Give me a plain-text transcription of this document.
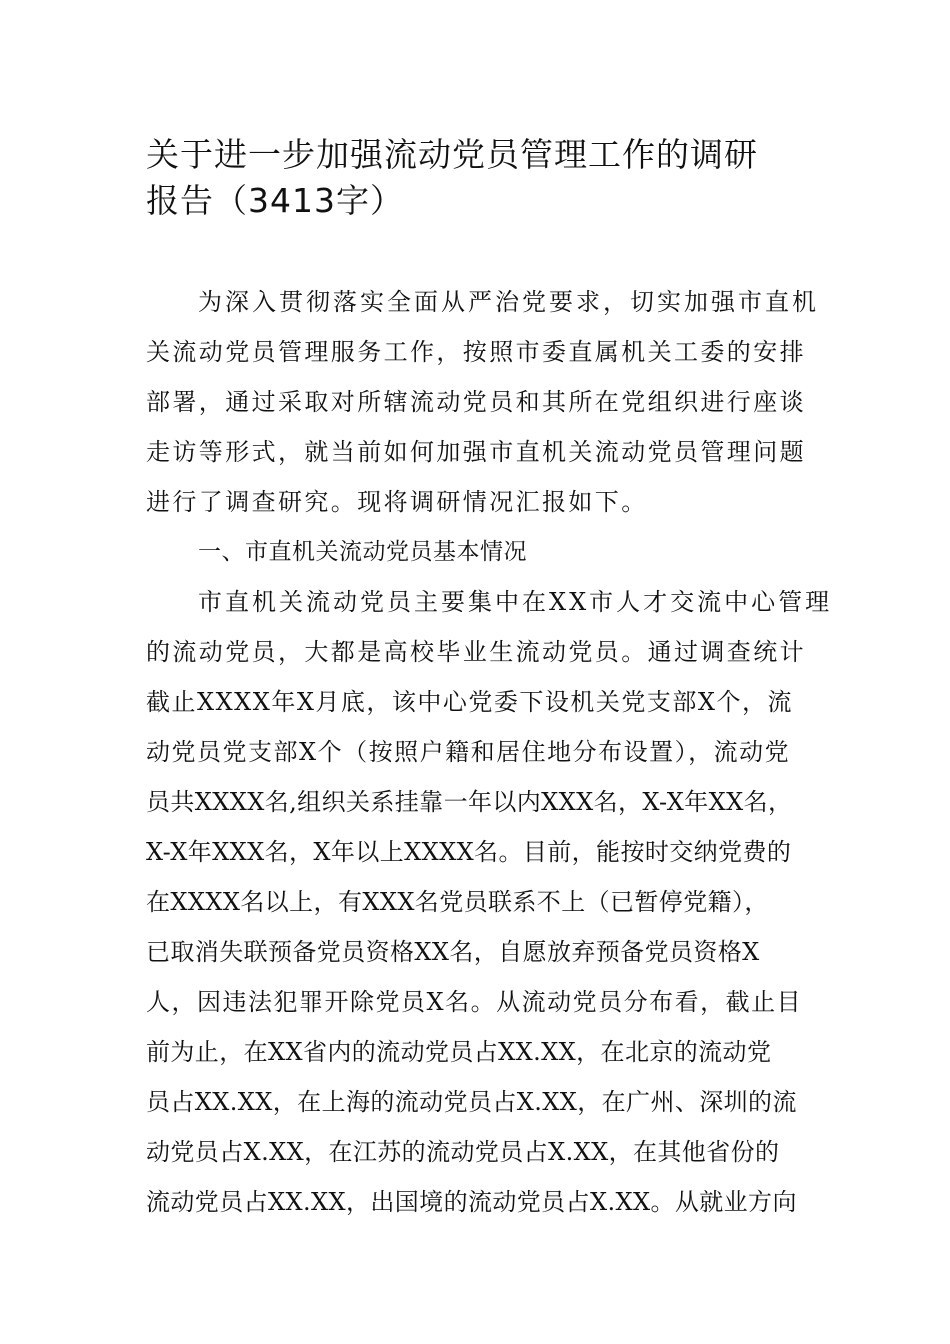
关于进一步加强流动党员管理工作的调研
报告（3413字）
为深入贯彻落实全面从严治党要求，切实加强市直机
关流动党员管理服务工作，按照市委直属机关工委的安排
部署，通过采取对所辖流动党员和其所在党组织进行座谈
走访等形式，就当前如何加强市直机关流动党员管理问题
进行了调查研究。现将调研情况汇报如下。
一、市直机关流动党员基本情况
市直机关流动党员主要集中在XX市人才交流中心管理
的流动党员，大都是高校毕业生流动党员。通过调查统计
截止XXXX年X月底，该中心党委下设机关党支部X个，流
动党员党支部X个（按照户籍和居住地分布设置），流动党
员共XXXX名,组织关系挂靠一年以内XXX名，X-X年XX名，
X-X年XXX名，X年以上XXXX名。目前，能按时交纳党费的
在XXXX名以上，有XXX名党员联系不上（已暂停党籍），
已取消失联预备党员资格XX名，自愿放弃预备党员资格X
人，因违法犯罪开除党员X名。从流动党员分布看，截止目
前为止，在XX省内的流动党员占XX.XX，在北京的流动党
员占XX.XX，在上海的流动党员占X.XX，在广州、深圳的流
动党员占X.XX，在江苏的流动党员占X.XX，在其他省份的
流动党员占XX.XX，出国境的流动党员占X.XX。从就业方向
